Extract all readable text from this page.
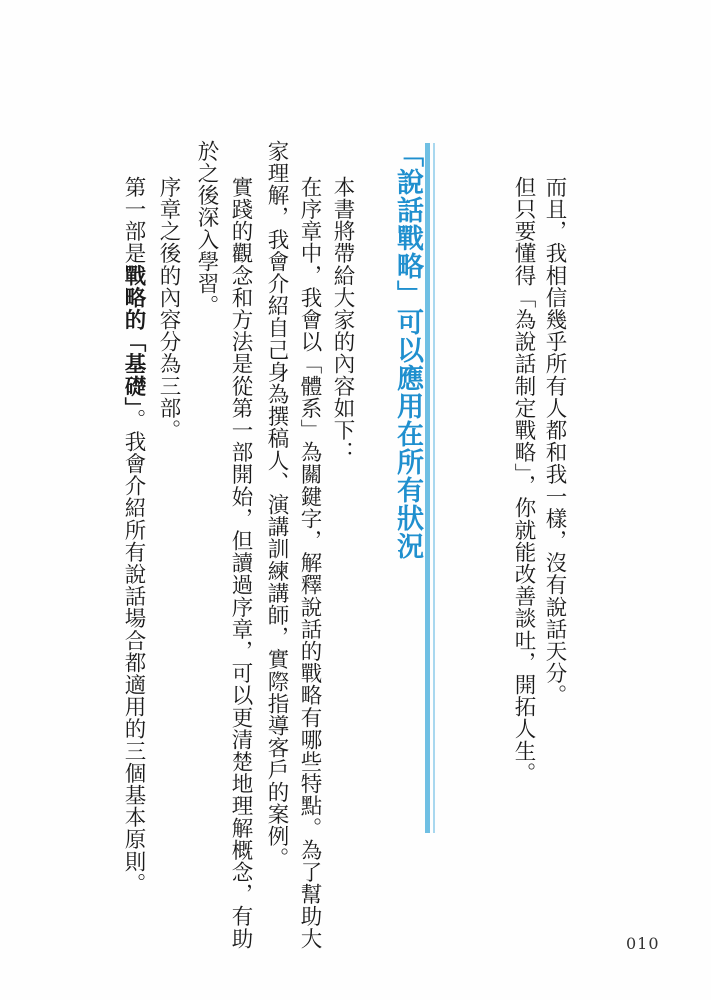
而且，我相信幾乎所有人都和我一樣，沒有說話天分。
但只要懂得「為說話制定戰略」，你就能改善談吐，開拓人生。
「說話戰略」可以應用在所有狀況
本書將帶給大家的內容如下：
在序章中，我會以「體系」為關鍵字，解釋說話的戰略有哪些特點。為了幫助大
家理解，我會介紹自己身為撰稿人、演講訓練講師，實際指導客戶的案例。
實踐的觀念和方法是從第一部開始，但讀過序章，可以更清楚地理解概念，有助
於之後深入學習。
序章之後的內容分為三部。
第一部是戰略的「基礎」。我會介紹所有說話場合都適用的三個基本原則。
010
